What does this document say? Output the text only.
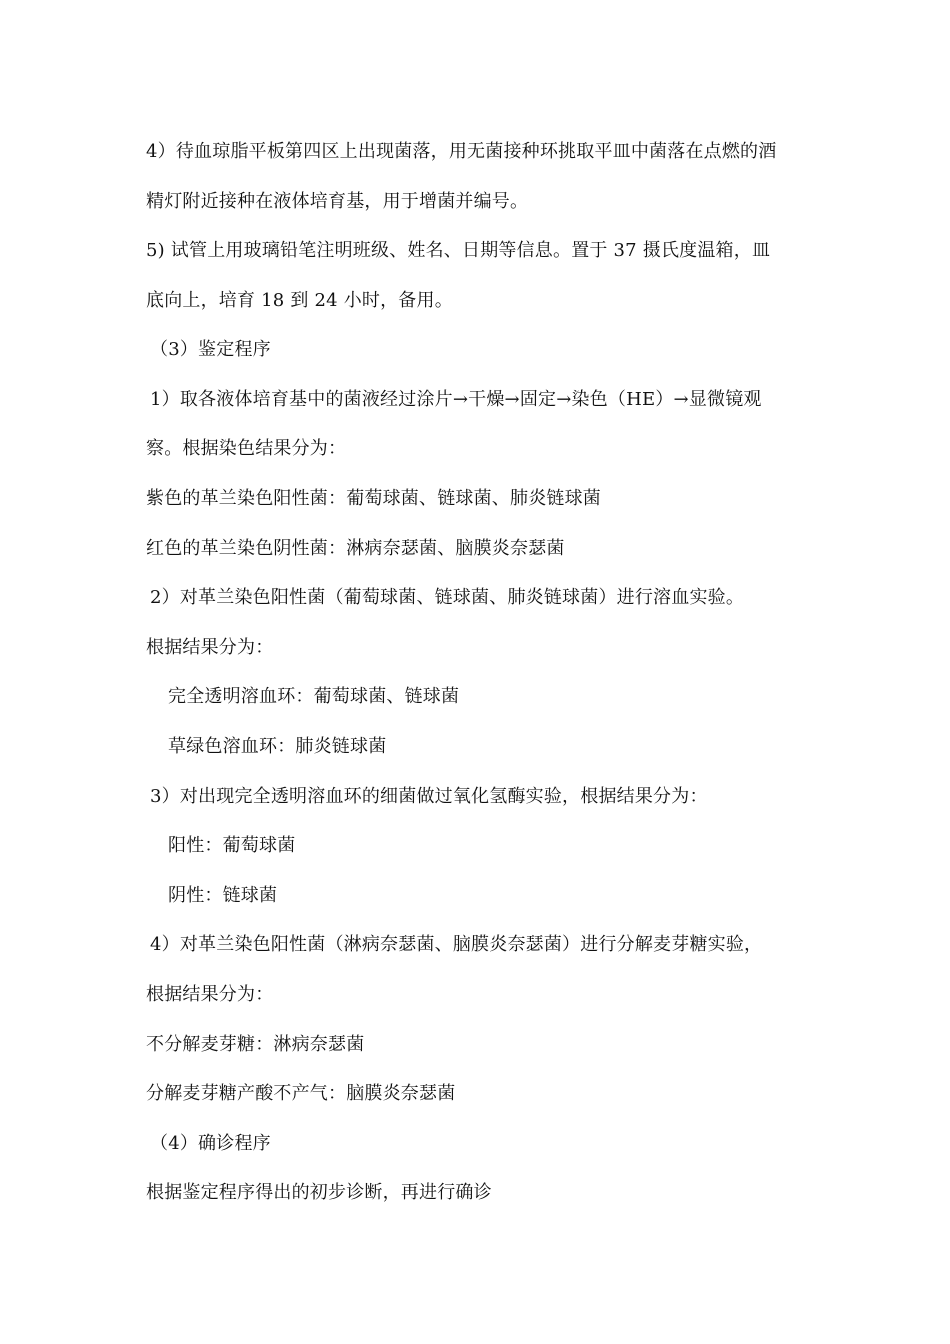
4）待血琼脂平板第四区上出现菌落，用无菌接种环挑取平皿中菌落在点燃的酒
精灯附近接种在液体培育基，用于增菌并编号。
5) 试管上用玻璃铅笔注明班级、姓名、日期等信息。置于 37 摄氏度温箱，皿
底向上，培育 18 到 24 小时，备用。
（3）鉴定程序
1）取各液体培育基中的菌液经过涂片→干燥→固定→染色（HE）→显微镜观
察。根据染色结果分为：
紫色的革兰染色阳性菌：葡萄球菌、链球菌、肺炎链球菌
红色的革兰染色阴性菌：淋病奈瑟菌、脑膜炎奈瑟菌
2）对革兰染色阳性菌（葡萄球菌、链球菌、肺炎链球菌）进行溶血实验。
根据结果分为：
完全透明溶血环：葡萄球菌、链球菌
草绿色溶血环：肺炎链球菌
3）对出现完全透明溶血环的细菌做过氧化氢酶实验，根据结果分为：
阳性：葡萄球菌
阴性：链球菌
4）对革兰染色阳性菌（淋病奈瑟菌、脑膜炎奈瑟菌）进行分解麦芽糖实验，
根据结果分为：
不分解麦芽糖：淋病奈瑟菌
分解麦芽糖产酸不产气：脑膜炎奈瑟菌
（4）确诊程序
根据鉴定程序得出的初步诊断，再进行确诊
